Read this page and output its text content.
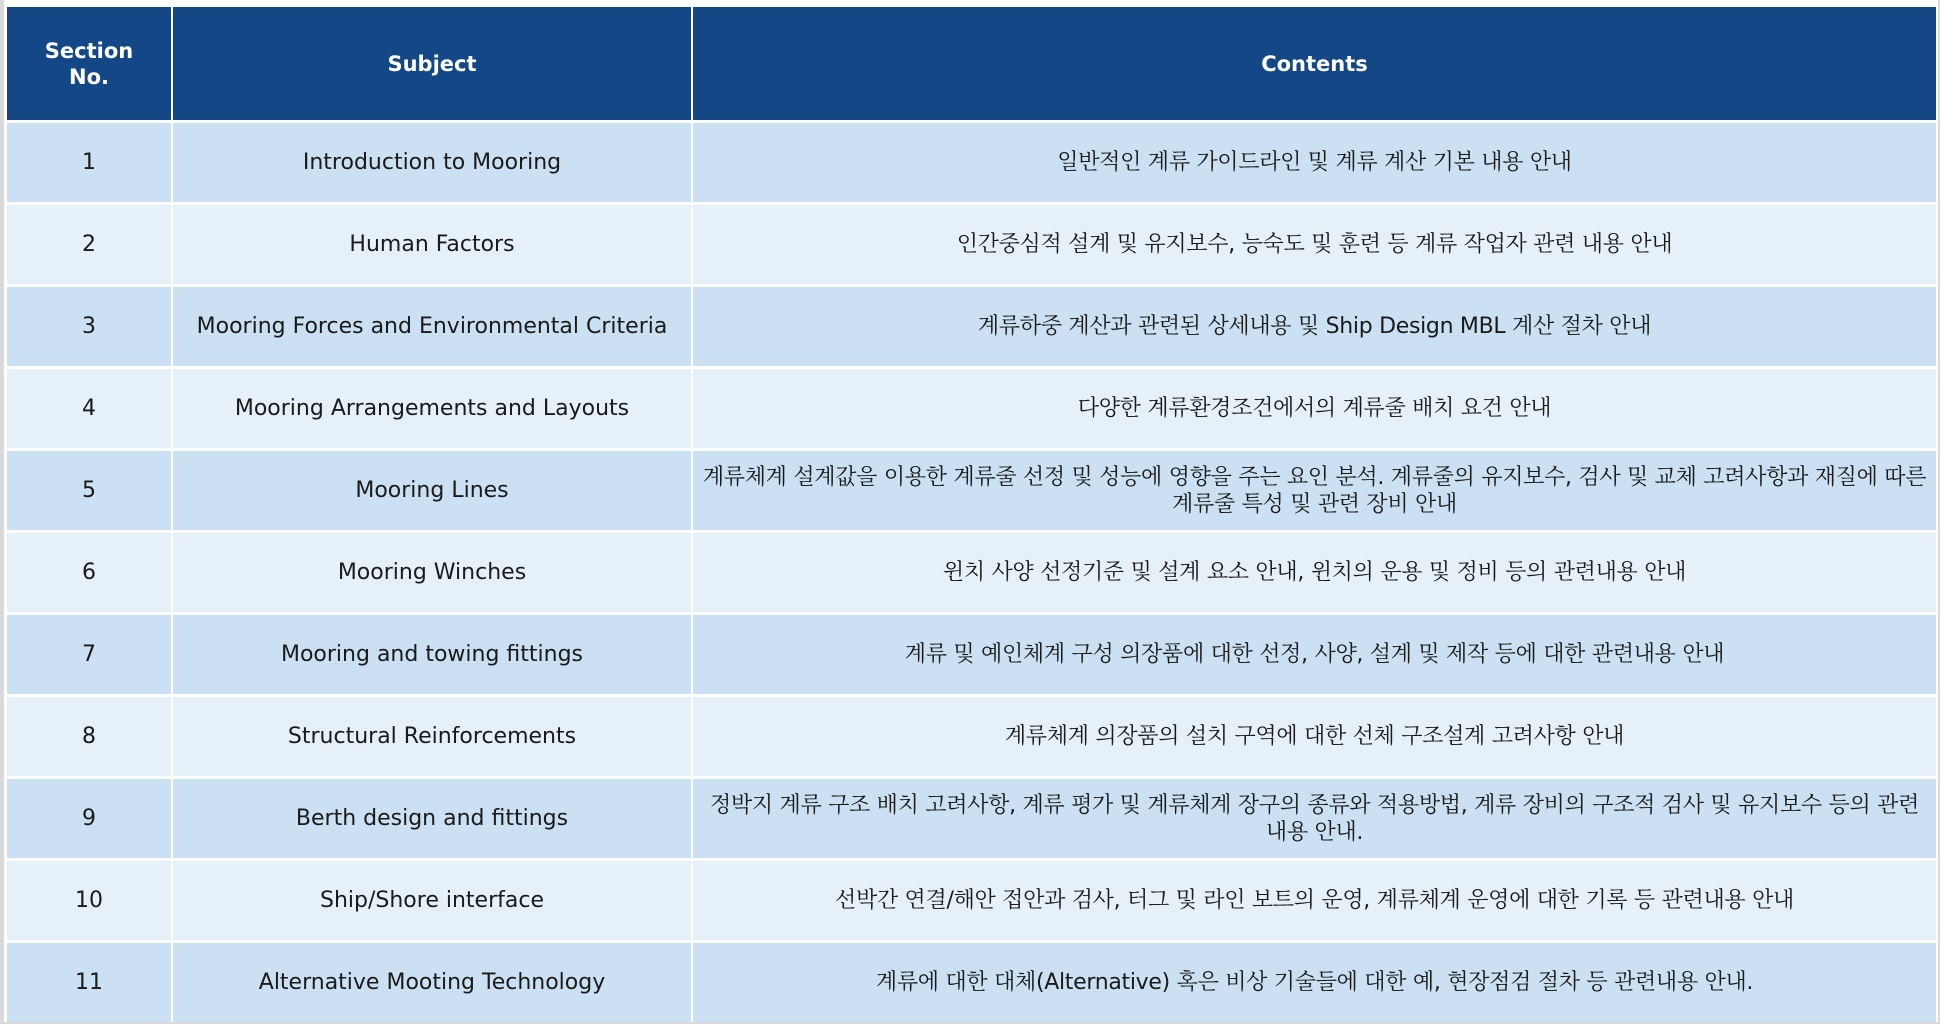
Section
No.	Subject	Contents
1	Introduction to Mooring	일반적인 계류 가이드라인 및 계류 계산 기본 내용 안내
2	Human Factors	인간중심적 설계 및 유지보수, 능숙도 및 훈련 등 계류 작업자 관련 내용 안내
3	Mooring Forces and Environmental Criteria	계류하중 계산과 관련된 상세내용 및 Ship Design MBL 계산 절차 안내
4	Mooring Arrangements and Layouts	다양한 계류환경조건에서의 계류줄 배치 요건 안내
5	Mooring Lines	계류체계 설계값을 이용한 계류줄 선정 및 성능에 영향을 주는 요인 분석. 계류줄의 유지보수, 검사 및 교체 고려사항과 재질에 따른 계류줄 특성 및 관련 장비 안내
6	Mooring Winches	윈치 사양 선정기준 및 설계 요소 안내, 윈치의 운용 및 정비 등의 관련내용 안내
7	Mooring and towing fittings	계류 및 예인체계 구성 의장품에 대한 선정, 사양, 설계 및 제작 등에 대한 관련내용 안내
8	Structural Reinforcements	계류체계 의장품의 설치 구역에 대한 선체 구조설계 고려사항 안내
9	Berth design and fittings	정박지 계류 구조 배치 고려사항, 계류 평가 및 계류체계 장구의 종류와 적용방법, 계류 장비의 구조적 검사 및 유지보수 등의 관련내용 안내.
10	Ship/Shore interface	선박간 연결/해안 접안과 검사, 터그 및 라인 보트의 운영, 계류체계 운영에 대한 기록 등 관련내용 안내
11	Alternative Mooting Technology	계류에 대한 대체(Alternative) 혹은 비상 기술들에 대한 예, 현장점검 절차 등 관련내용 안내.
